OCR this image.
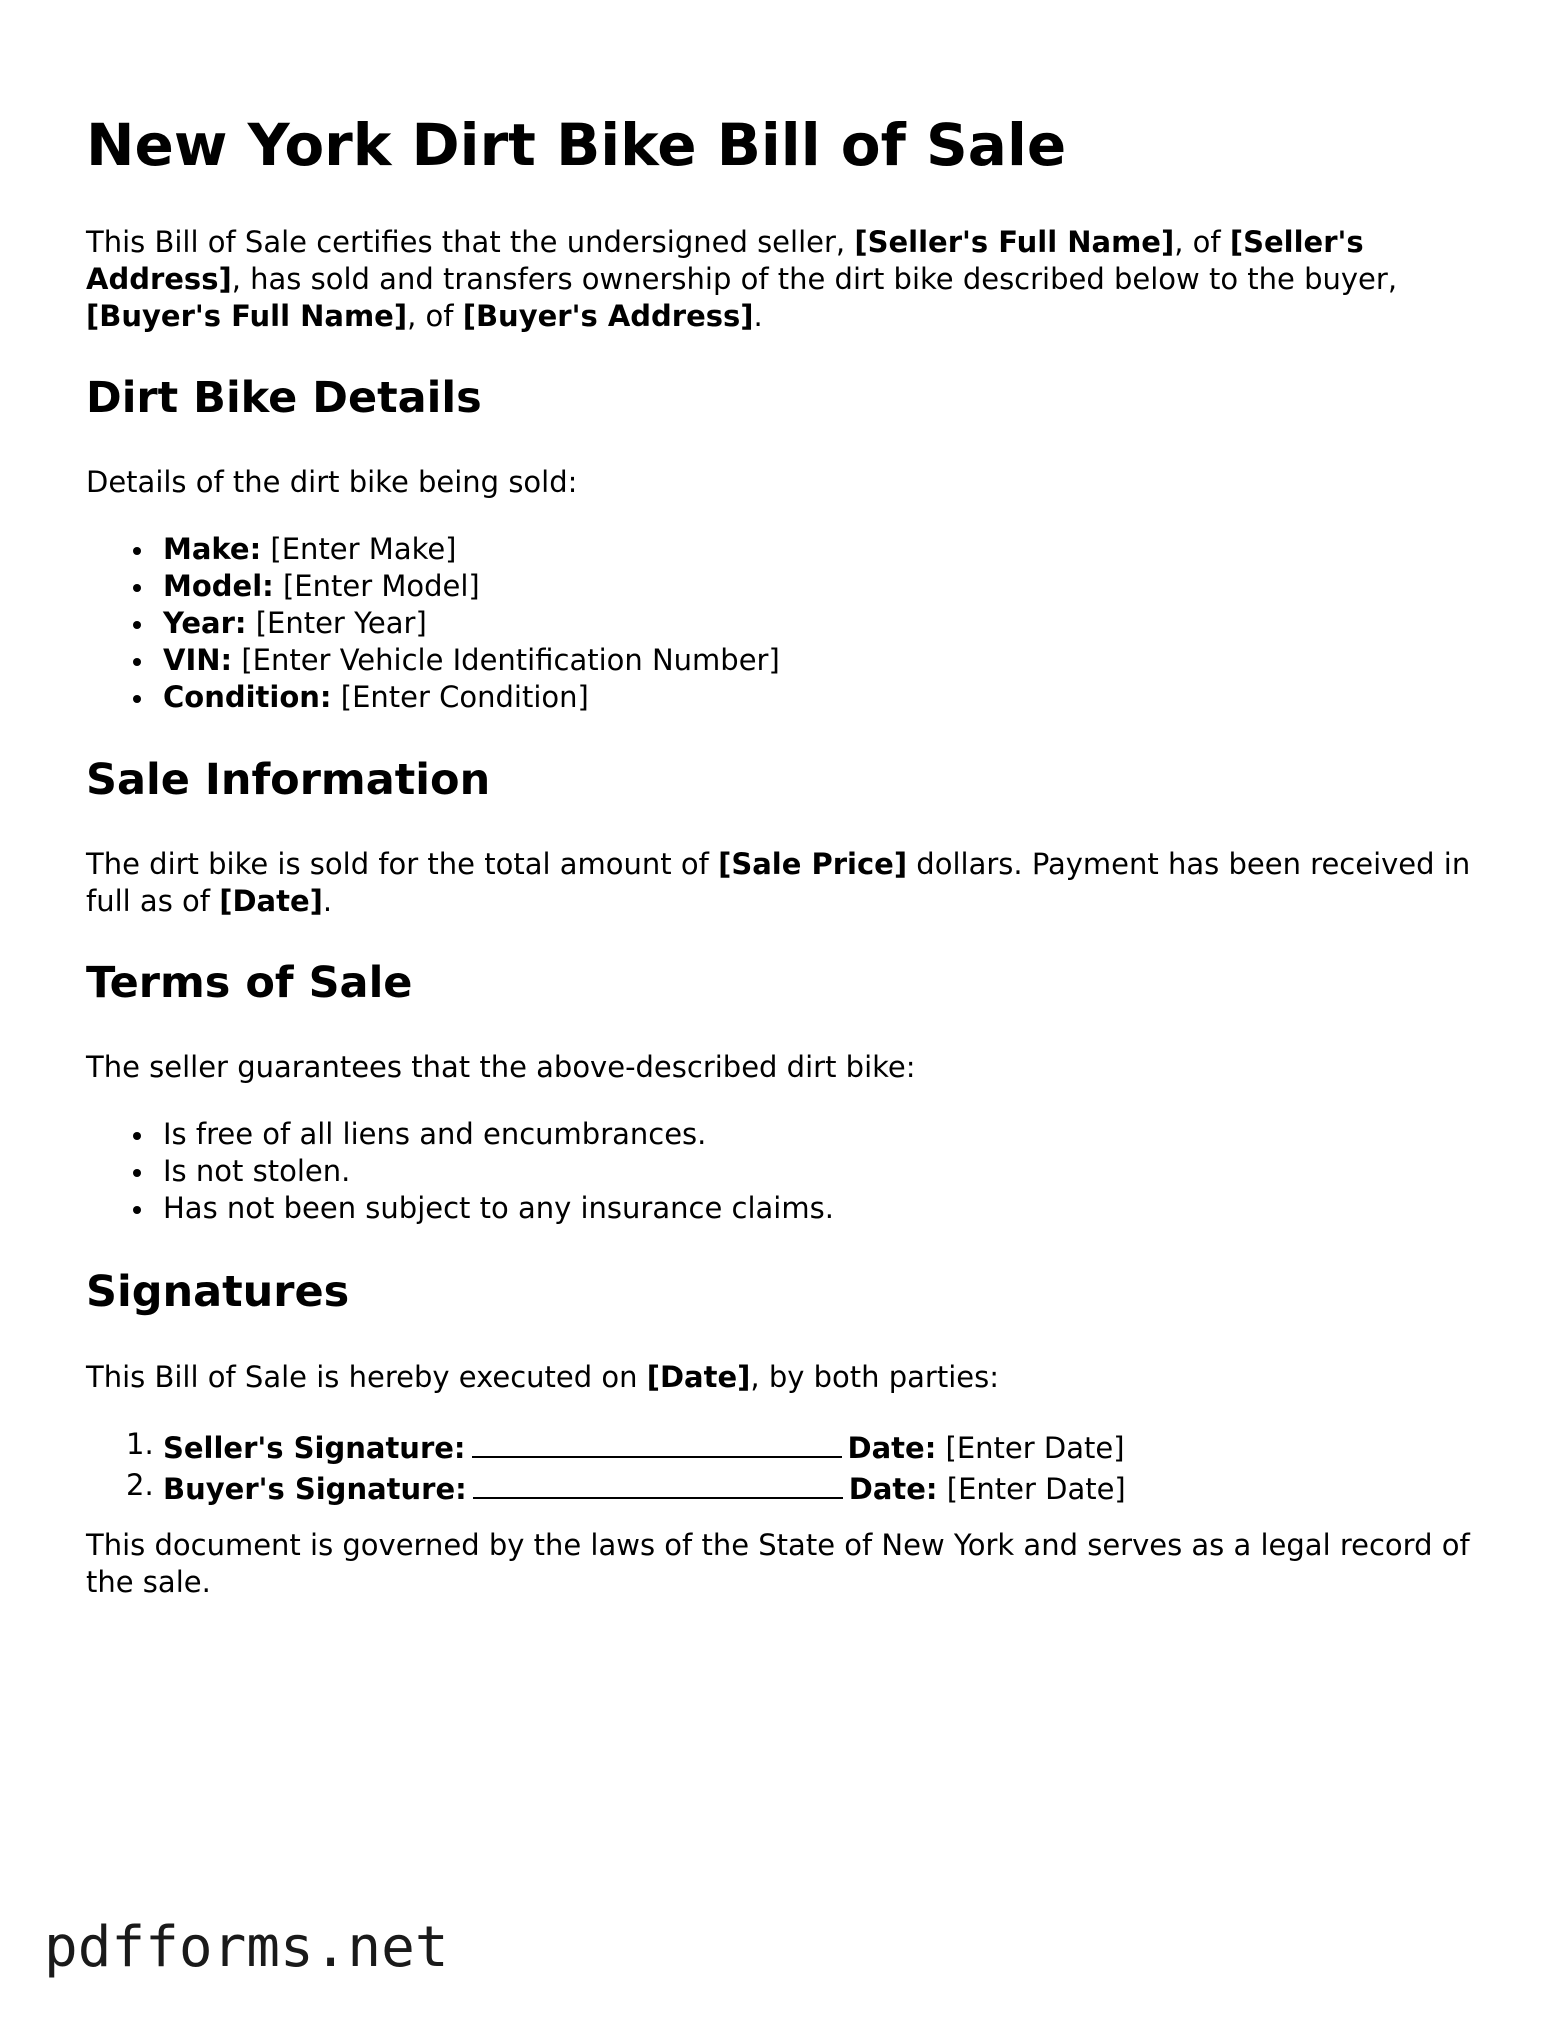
New York Dirt Bike Bill of Sale

This Bill of Sale certifies that the undersigned seller, [Seller's Full Name], of [Seller's Address], has sold and transfers ownership of the dirt bike described below to the buyer, [Buyer's Full Name], of [Buyer's Address].

Dirt Bike Details

Details of the dirt bike being sold:

Make: [Enter Make]
Model: [Enter Model]
Year: [Enter Year]
VIN: [Enter Vehicle Identification Number]
Condition: [Enter Condition]
Sale Information

The dirt bike is sold for the total amount of [Sale Price] dollars. Payment has been received in full as of [Date].

Terms of Sale

The seller guarantees that the above-described dirt bike:

Is free of all liens and encumbrances.
Is not stolen.
Has not been subject to any insurance claims.
Signatures

This Bill of Sale is hereby executed on [Date], by both parties:

1. Seller's Signature:	Date: [Enter Date]
2. Buyer's Signature:	Date: [Enter Date]

This document is governed by the laws of the State of New York and serves as a legal record of the sale.

pdfforms.net
